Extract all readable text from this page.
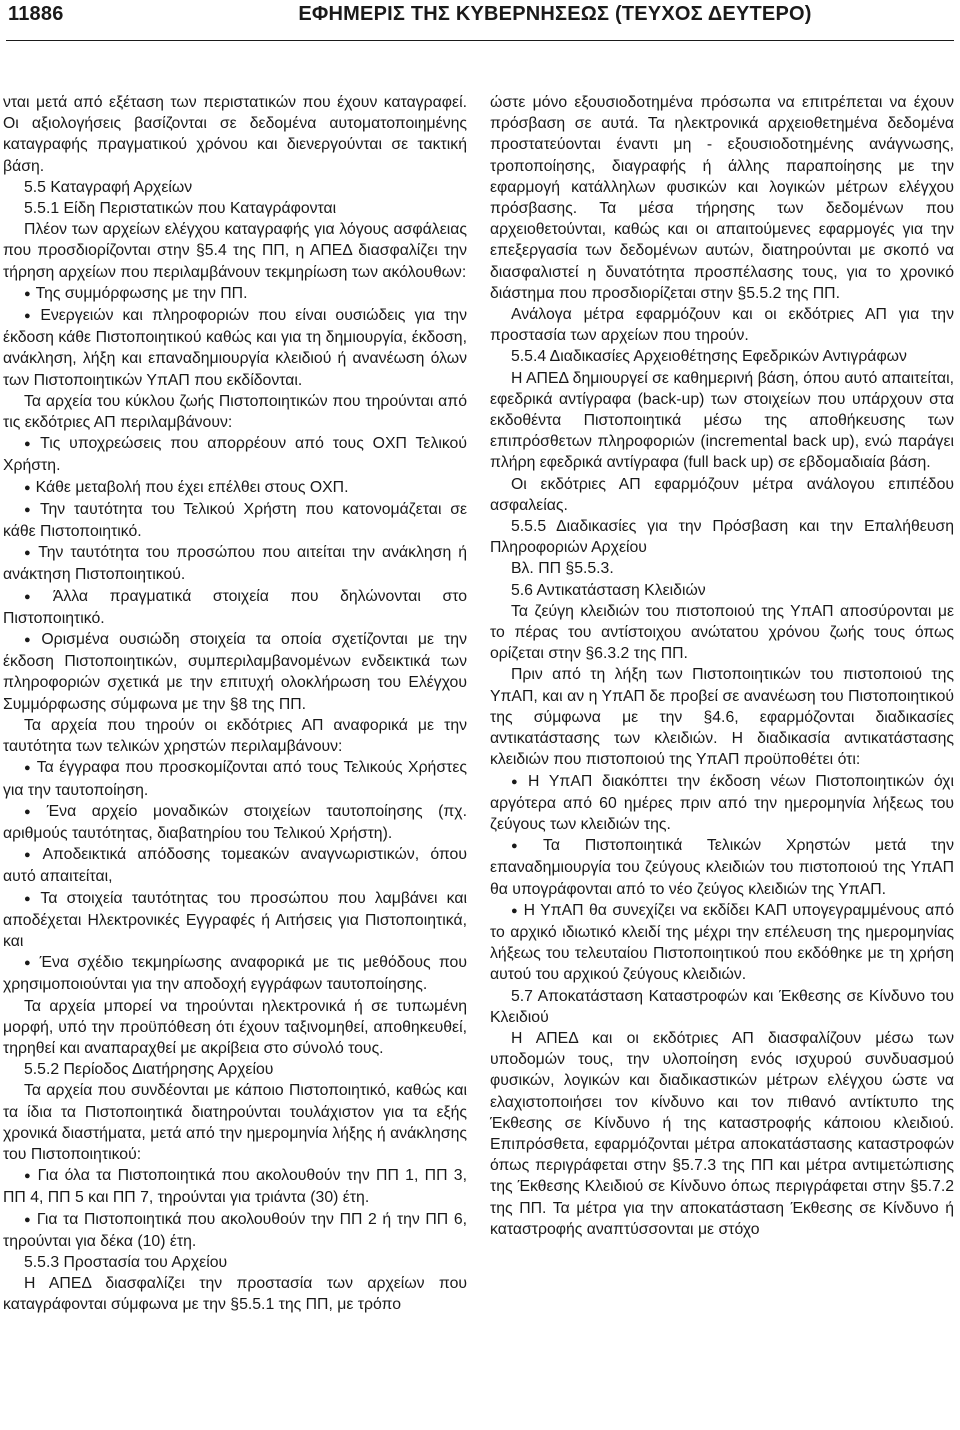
11886	ΕΦΗΜΕΡΙΣ ΤΗΣ ΚΥΒΕΡΝΗΣΕΩΣ (ΤΕΥΧΟΣ ΔΕΥΤΕΡΟ)

νται μετά από εξέταση των περιστατικών που έχουν καταγραφεί. Οι αξιολογήσεις βασίζονται σε δεδομένα αυτοματοποιημένης καταγραφής πραγματικού χρόνου και διενεργούνται σε τακτική βάση.

5.5 Καταγραφή Αρχείων

5.5.1 Είδη Περιστατικών που Καταγράφονται

Πλέον των αρχείων ελέγχου καταγραφής για λόγους ασφάλειας που προσδιορίζονται στην §5.4 της ΠΠ, η ΑΠΕΔ διασφαλίζει την τήρηση αρχείων που περιλαμβάνουν τεκμηρίωση των ακόλουθων:

● Της συμμόρφωσης με την ΠΠ.

● Ενεργειών και πληροφοριών που είναι ουσιώδεις για την έκδοση κάθε Πιστοποιητικού καθώς και για τη δημιουργία, έκδοση, ανάκληση, λήξη και επαναδημιουργία κλειδιού ή ανανέωση όλων των Πιστοποιητικών ΥπΑΠ που εκδίδονται.

Τα αρχεία του κύκλου ζωής Πιστοποιητικών που τηρούνται από τις εκδότριες ΑΠ περιλαμβάνουν:

● Τις υποχρεώσεις που απορρέουν από τους ΟΧΠ Τελικού Χρήστη.

● Κάθε μεταβολή που έχει επέλθει στους ΟΧΠ.

● Την ταυτότητα του Τελικού Χρήστη που κατονομάζεται σε κάθε Πιστοποιητικό.

● Την ταυτότητα του προσώπου που αιτείται την ανάκληση ή ανάκτηση Πιστοποιητικού.

● Άλλα πραγματικά στοιχεία που δηλώνονται στο Πιστοποιητικό.

● Ορισμένα ουσιώδη στοιχεία τα οποία σχετίζονται με την έκδοση Πιστοποιητικών, συμπεριλαμβανομένων ενδεικτικά των πληροφοριών σχετικά με την επιτυχή ολοκλήρωση του Ελέγχου Συμμόρφωσης σύμφωνα με την §8 της ΠΠ.

Τα αρχεία που τηρούν οι εκδότριες ΑΠ αναφορικά με την ταυτότητα των τελικών χρηστών περιλαμβάνουν:

● Τα έγγραφα που προσκομίζονται από τους Τελικούς Χρήστες για την ταυτοποίηση.

● Ένα αρχείο μοναδικών στοιχείων ταυτοποίησης (πχ. αριθμούς ταυτότητας, διαβατηρίου του Τελικού Χρήστη).

● Αποδεικτικά απόδοσης τομεακών αναγνωριστικών, όπου αυτό απαιτείται,

● Τα στοιχεία ταυτότητας του προσώπου που λαμβάνει και αποδέχεται Ηλεκτρονικές Εγγραφές ή Αιτήσεις για Πιστοποιητικά, και

● Ένα σχέδιο τεκμηρίωσης αναφορικά με τις μεθόδους που χρησιμοποιούνται για την αποδοχή εγγράφων ταυτοποίησης.

Τα αρχεία μπορεί να τηρούνται ηλεκτρονικά ή σε τυπωμένη μορφή, υπό την προϋπόθεση ότι έχουν ταξινομηθεί, αποθηκευθεί, τηρηθεί και αναπαραχθεί με ακρίβεια στο σύνολό τους.

5.5.2 Περίοδος Διατήρησης Αρχείου

Τα αρχεία που συνδέονται με κάποιο Πιστοποιητικό, καθώς και τα ίδια τα Πιστοποιητικά διατηρούνται τουλάχιστον για τα εξής χρονικά διαστήματα, μετά από την ημερομηνία λήξης ή ανάκλησης του Πιστοποιητικού:

● Για όλα τα Πιστοποιητικά που ακολουθούν την ΠΠ 1, ΠΠ 3, ΠΠ 4, ΠΠ 5 και ΠΠ 7, τηρούνται για τριάντα (30) έτη.

● Για τα Πιστοποιητικά που ακολουθούν την ΠΠ 2 ή την ΠΠ 6, τηρούνται για δέκα (10) έτη.

5.5.3 Προστασία του Αρχείου

Η ΑΠΕΔ διασφαλίζει την προστασία των αρχείων που καταγράφονται σύμφωνα με την §5.5.1 της ΠΠ, με τρόπο

ώστε μόνο εξουσιοδοτημένα πρόσωπα να επιτρέπεται να έχουν πρόσβαση σε αυτά. Τα ηλεκτρονικά αρχειοθετημένα δεδομένα προστατεύονται έναντι μη - εξουσιοδοτημένης ανάγνωσης, τροποποίησης, διαγραφής ή άλλης παραποίησης με την εφαρμογή κατάλληλων φυσικών και λογικών μέτρων ελέγχου πρόσβασης. Τα μέσα τήρησης των δεδομένων που αρχειοθετούνται, καθώς και οι απαιτούμενες εφαρμογές για την επεξεργασία των δεδομένων αυτών, διατηρούνται με σκοπό να διασφαλιστεί η δυνατότητα προσπέλασης τους, για το χρονικό διάστημα που προσδιορίζεται στην §5.5.2 της ΠΠ.

Ανάλογα μέτρα εφαρμόζουν και οι εκδότριες ΑΠ για την προστασία των αρχείων που τηρούν.

5.5.4 Διαδικασίες Αρχειοθέτησης Εφεδρικών Αντιγράφων

Η ΑΠΕΔ δημιουργεί σε καθημερινή βάση, όπου αυτό απαιτείται, εφεδρικά αντίγραφα (back-up) των στοιχείων που υπάρχουν στα εκδοθέντα Πιστοποιητικά μέσω της αποθήκευσης των επιπρόσθετων πληροφοριών (incremental back up), ενώ παράγει πλήρη εφεδρικά αντίγραφα (full back up) σε εβδομαδιαία βάση.

Οι εκδότριες ΑΠ εφαρμόζουν μέτρα ανάλογου επιπέδου ασφαλείας.

5.5.5 Διαδικασίες για την Πρόσβαση και την Επαλήθευση Πληροφοριών Αρχείου

Βλ. ΠΠ §5.5.3.

5.6 Αντικατάσταση Κλειδιών

Τα ζεύγη κλειδιών του πιστοποιού της ΥπΑΠ αποσύρονται με το πέρας του αντίστοιχου ανώτατου χρόνου ζωής τους όπως ορίζεται στην §6.3.2 της ΠΠ.

Πριν από τη λήξη των Πιστοποιητικών του πιστοποιού της ΥπΑΠ, και αν η ΥπΑΠ δε προβεί σε ανανέωση του Πιστοποιητικού της σύμφωνα με την §4.6, εφαρμόζονται διαδικασίες αντικατάστασης των κλειδιών. Η διαδικασία αντικατάστασης κλειδιών που πιστοποιού της ΥπΑΠ προϋποθέτει ότι:

● Η ΥπΑΠ διακόπτει την έκδοση νέων Πιστοποιητικών όχι αργότερα από 60 ημέρες πριν από την ημερομηνία λήξεως του ζεύγους των κλειδιών της.

● Τα Πιστοποιητικά Τελικών Χρηστών μετά την επαναδημιουργία του ζεύγους κλειδιών του πιστοποιού της ΥπΑΠ θα υπογράφονται από το νέο ζεύγος κλειδιών της ΥπΑΠ.

● Η ΥπΑΠ θα συνεχίζει να εκδίδει ΚΑΠ υπογεγραμμένους από το αρχικό ιδιωτικό κλειδί της μέχρι την επέλευση της ημερομηνίας λήξεως του τελευταίου Πιστοποιητικού που εκδόθηκε με τη χρήση αυτού του αρχικού ζεύγους κλειδιών.

5.7 Αποκατάσταση Καταστροφών και Έκθεσης σε Κίνδυνο του Κλειδιού

Η ΑΠΕΔ και οι εκδότριες ΑΠ διασφαλίζουν μέσω των υποδομών τους, την υλοποίηση ενός ισχυρού συνδυασμού φυσικών, λογικών και διαδικαστικών μέτρων ελέγχου ώστε να ελαχιστοποιήσει τον κίνδυνο και τον πιθανό αντίκτυπο της Έκθεσης σε Κίνδυνο ή της καταστροφής κάποιου κλειδιού. Επιπρόσθετα, εφαρμόζονται μέτρα αποκατάστασης καταστροφών όπως περιγράφεται στην §5.7.3 της ΠΠ και μέτρα αντιμετώπισης της Έκθεσης Κλειδιού σε Κίνδυνο όπως περιγράφεται στην §5.7.2 της ΠΠ. Τα μέτρα για την αποκατάσταση Έκθεσης σε Κίνδυνο ή καταστροφής αναπτύσσονται με στόχο
